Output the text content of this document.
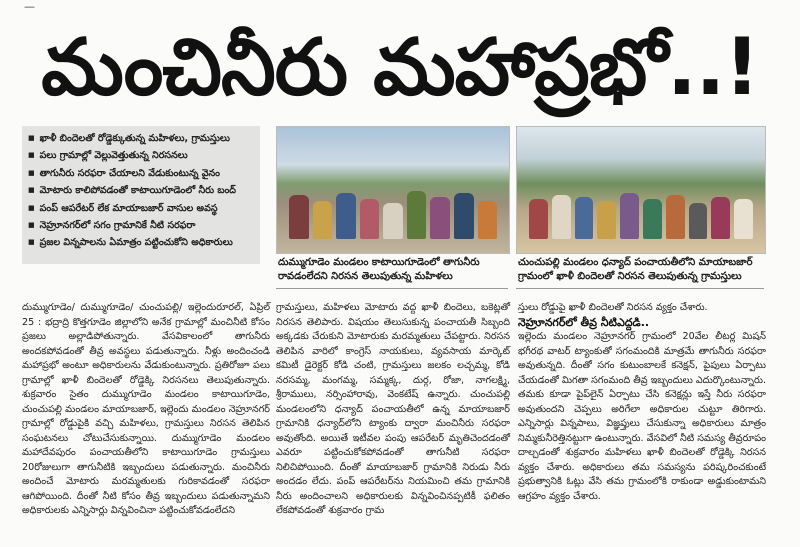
—
మంచినీరు మహాప్రభో..!
■ ఖాళీ బిందెలతో రోడ్డెక్కుతున్న మహిళలు, గ్రామస్తులు
■ పలు గ్రామాల్లో వెల్లువెత్తుతున్న నిరసనలు
■ తాగునీరు సరఫరా చేయాలని వేడుకుంటున్న వైనం
■ మోటారు కాలిపోవడంతో కాటాయిగూడెంలో నీరు బంద్
■ పంప్ ఆపరేటర్ లేక మాయాబజార్ వాసుల అవస్థ
■ నెహ్రూనగర్‌లో సగం గ్రామానికే నీటి సరఫరా
■ ప్రజల విన్నపాలను ఏమాత్రం పట్టించుకోని అధికారులు
దుమ్ముగూడెం మండలం కాటాయిగూడెంలో తాగునీరు రావడంలేదని నిరసన తెలుపుతున్న మహిళలు
చుంచుపల్లి మండలం ధన్యాద్ పంచాయతీలోని మాయాబజార్ గ్రామంలో ఖాళీ బిందెలతో నిరసన తెలుపుతున్న గ్రామస్తులు
దుమ్ముగూడెం/ దుమ్ముగూడెం/ చుంచుపల్లి/ ఇల్లెందురూరల్, ఏప్రిల్ 25 : భద్రాద్రి కొత్తగూడెం జిల్లాలోని అనేక గ్రామాల్లో మంచినీటి కోసం ప్రజలు అల్లాడిపోతున్నారు. వేసవికాలంలో తాగునీరు అందకపోవడంతో తీవ్ర అవస్థలు పడుతున్నారు. నీళ్లు అందించండి మహాప్రభో అంటూ అధికారులను వేడుకుంటున్నారు. ప్రతిరోజూ పలు గ్రామాల్లో ఖాళీ బిందెలతో రోడ్డెక్కి నిరసనలు తెలుపుతున్నారు. శుక్రవారం సైతం దుమ్ముగూడెం మండలం కాటాయిగూడెం, చుంచుపల్లి మండలం మాయాబజార్, ఇల్లెందు మండలం నెహ్రూనగర్ గ్రామాల్లో రోడ్డుపైకి వచ్చి మహిళలు, గ్రామస్తులు నిరసన తెలిపిన సంఘటనలు చోటుచేసుకున్నాయి. దుమ్ముగూడెం మండలం మహాదేవపురం పంచాయతీలోని కాటాయిగూడెం గ్రామస్తులు 20రోజులుగా తాగునీటికి ఇబ్బందులు పడుతున్నారు. మంచినీరు అందించే మోటారు మరమ్మతులకు గురికావడంతో సరఫరా ఆగిపోయింది. దీంతో నీటి కోసం తీవ్ర ఇబ్బందులు పడుతున్నామని అధికారులకు ఎన్నిసార్లు విన్నవించినా పట్టించుకోవడంలేదని
గ్రామస్తులు, మహిళలు మోటారు వద్ద ఖాళీ బిందెలు, బకెట్లతో నిరసన తెలిపారు. విషయం తెలుసుకున్న పంచాయతీ సిబ్బంది అక్కడకు చేరుకుని మోటారుకు మరమ్మతులు చేపట్టారు. నిరసన తెలిపిన వారిలో కాంగ్రెస్ నాయకులు, వ్యవసాయ మార్కెట్ కమిటీ డైరెక్టర్ కోడి చంటి, గ్రామస్తులు జలకం లచ్చమ్మ, కోడి నరసమ్మ, మంగమ్మ, సమ్మక్క, దుర్గ, రోజా, నాగలక్ష్మి, శ్రీరాములు, నర్సింహారావు, వెంకటేష్ ఉన్నారు. చుంచుపల్లి మండలంలోని ధన్యాద్ పంచాయతీలో ఉన్న మాయాబజార్ గ్రామానికి ధన్యాద్‌లోని ట్యాంకు ద్వారా మంచినీరు సరఫరా అవుతోంది. అయితే ఇటీవల పంపు ఆపరేటర్ మృతిచెందడంతో ఎవరూ పట్టించుకోకపోవడంతో తాగునీటి సరఫరా నిలిచిపోయింది. దీంతో మాయాబజార్ గ్రామానికి నిరుడు నీరు అందడం లేదు. పంప్ ఆపరేటర్‌ను నియమించి తమ గ్రామానికి నీరు అందించాలని అధికారులకు విన్నవించినప్పటికీ ఫలితం లేకపోవడంతో శుక్రవారం గ్రామ
స్తులు రోడ్డుపై ఖాళీ బిందెలతో నిరసన వ్యక్తం చేశారు.
నెహ్రూనగర్‌లో తీవ్ర నీటిఎద్దడి..
ఇల్లెందు మండలం నెహ్రూనగర్ గ్రామంలో 20వేల లీటర్ల మిషన్ భగీరథ వాటర్ ట్యాంకుతో సగంమందికి మాత్రమే తాగునీరు సరఫరా అవుతున్నది. దీంతో సగం కుటుంబాలకే కనెక్షన్, పైపులు ఏర్పాటు చేయడంతో మిగతా సగంమంది తీవ్ర ఇబ్బందులు ఎదుర్కొంటున్నారు. తమకు కూడా పైప్‌లైన్ ఏర్పాటు చేసి కనెక్షన్లు ఇస్తే నీరు సరఫరా అవుతుందని చెప్పలు అరిగేలా అధికారుల చుట్టూ తిరిగారు. ఎన్నిసార్లు విన్నపాలు, విజ్ఞప్తులు చేసుకున్నా అధికారులు మాత్రం నిమ్మకునీరెత్తినట్టుగా ఉంటున్నారు. వేసవిలో నీటి సమస్య తీవ్రరూపం దాల్చడంతో శుక్రవారం మహిళలు ఖాళీ బిందెలతో రోడ్డెక్కి నిరసన వ్యక్తం చేశారు. అధికారులు తమ సమస్యను పరిష్కరించకుంటే ప్రభుత్వానికి ఓట్లు వేసి తమ గ్రామంలోకి రాకుండా అడ్డుకుంటామని ఆగ్రహం వ్యక్తం చేశారు.
